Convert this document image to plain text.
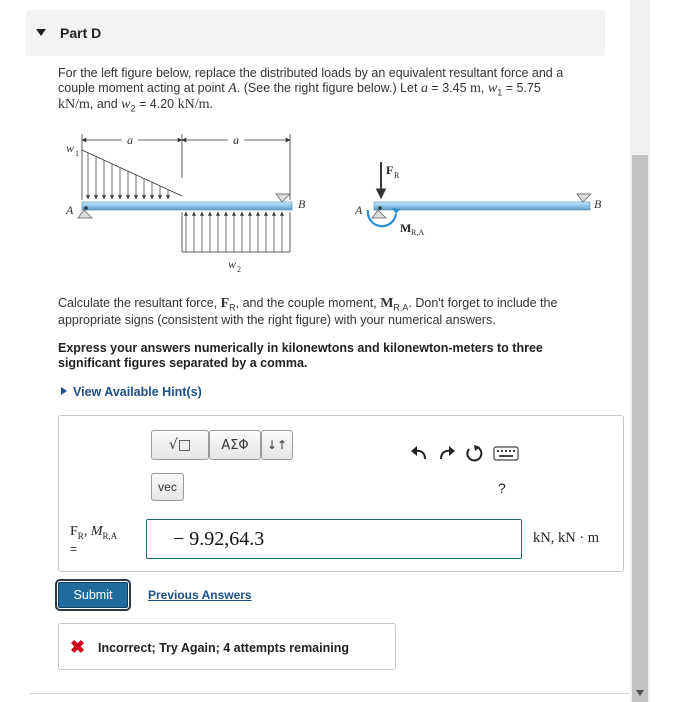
Part D
For the left figure below, replace the distributed loads by an equivalent resultant force and a
couple moment acting at point A. (See the right figure below.) Let a = 3.45 m, $w_1 = 5.75$
kN/m, and $w_2 = 4.20$ kN/m.
a	a
w 1
A	B
w 2
F R
A
M R,A
B
Calculate the resultant force, $F_R$, and the couple moment, $M_{R,A}$. Don't forget to include the
appropriate signs (consistent with the right figure) with your numerical answers.
Express your answers numerically in kilonewtons and kilonewton-meters to three
significant figures separated by a comma.
View Available Hint(s)
√□ ΑΣΦ ↓↑
vec	?
$F_R$, $M_{R,A}$
=
− 9.92,64.3
kN, kN · m
Submit	Previous Answers
✖ Incorrect; Try Again; 4 attempts remaining
